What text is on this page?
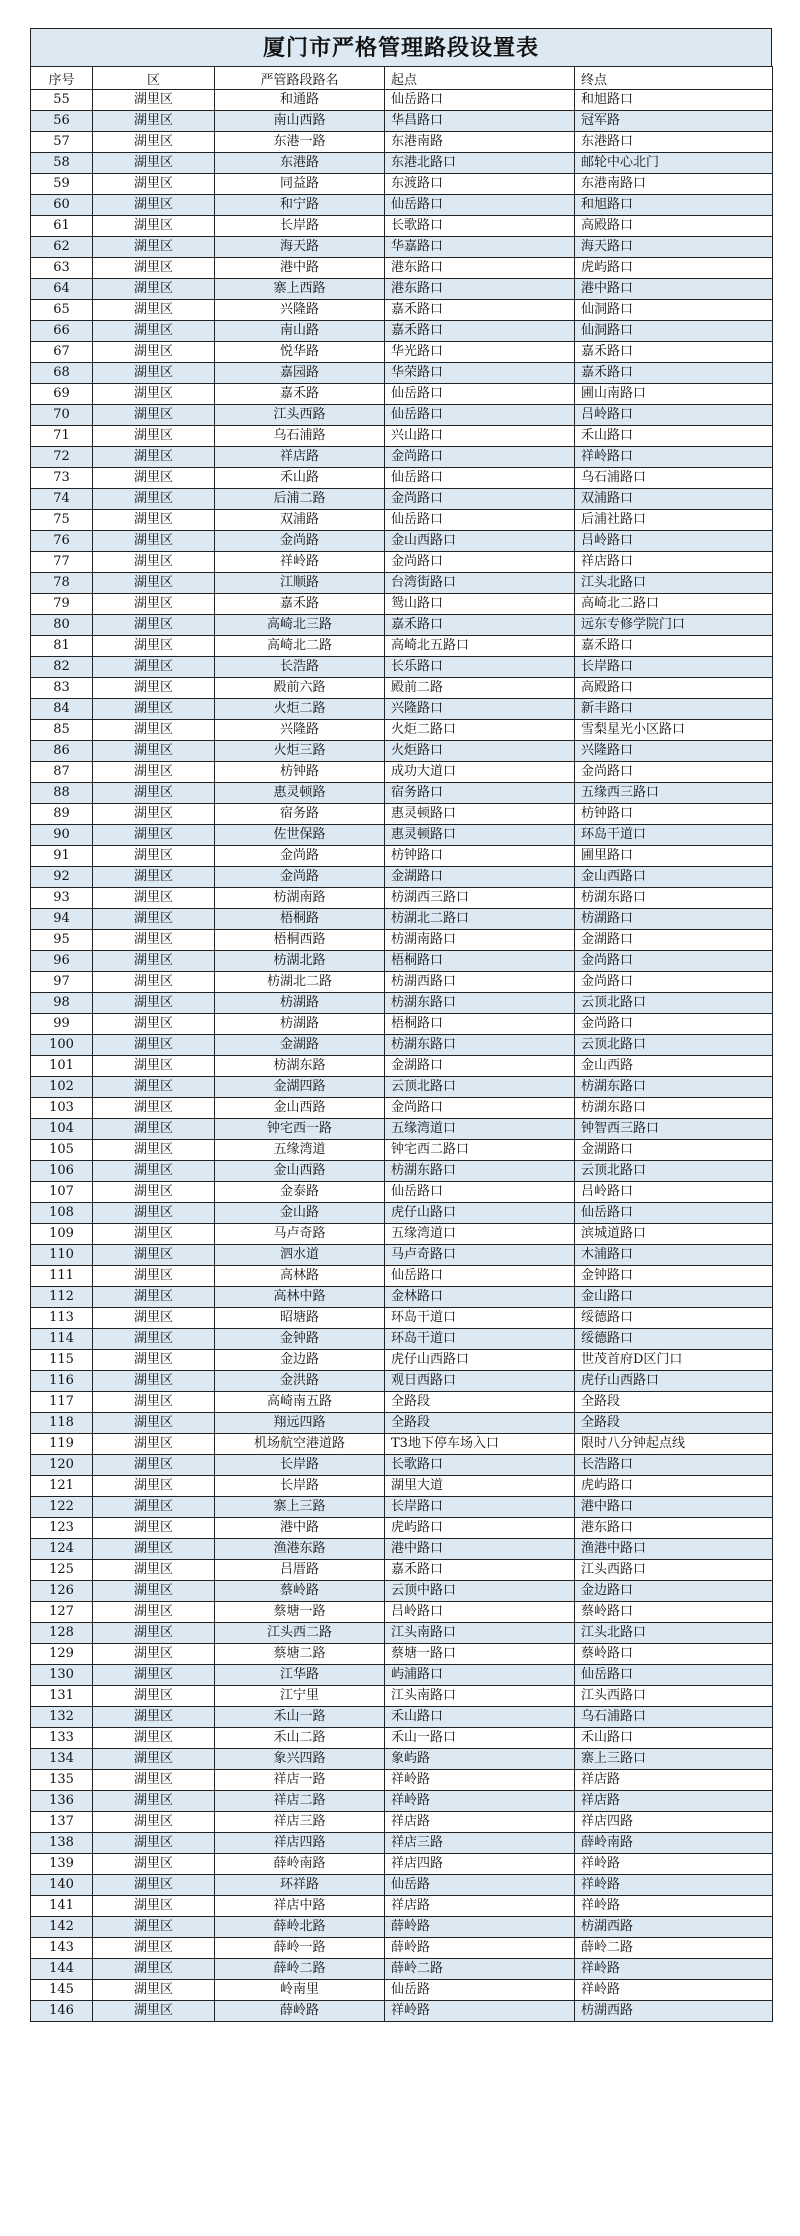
厦门市严格管理路段设置表
序号	区	严管路段路名	起点	终点
55	湖里区	和通路	仙岳路口	和旭路口
56	湖里区	南山西路	华昌路口	冠军路
57	湖里区	东港一路	东港南路	东港路口
58	湖里区	东港路	东港北路口	邮轮中心北门
59	湖里区	同益路	东渡路口	东港南路口
60	湖里区	和宁路	仙岳路口	和旭路口
61	湖里区	长岸路	长歌路口	高殿路口
62	湖里区	海天路	华嘉路口	海天路口
63	湖里区	港中路	港东路口	虎屿路口
64	湖里区	寨上西路	港东路口	港中路口
65	湖里区	兴隆路	嘉禾路口	仙洞路口
66	湖里区	南山路	嘉禾路口	仙洞路口
67	湖里区	悦华路	华光路口	嘉禾路口
68	湖里区	嘉园路	华荣路口	嘉禾路口
69	湖里区	嘉禾路	仙岳路口	圃山南路口
70	湖里区	江头西路	仙岳路口	吕岭路口
71	湖里区	乌石浦路	兴山路口	禾山路口
72	湖里区	祥店路	金尚路口	祥岭路口
73	湖里区	禾山路	仙岳路口	乌石浦路口
74	湖里区	后浦二路	金尚路口	双浦路口
75	湖里区	双浦路	仙岳路口	后浦社路口
76	湖里区	金尚路	金山西路口	吕岭路口
77	湖里区	祥岭路	金尚路口	祥店路口
78	湖里区	江顺路	台湾街路口	江头北路口
79	湖里区	嘉禾路	鸳山路口	高崎北二路口
80	湖里区	高崎北三路	嘉禾路口	远东专修学院门口
81	湖里区	高崎北二路	高崎北五路口	嘉禾路口
82	湖里区	长浩路	长乐路口	长岸路口
83	湖里区	殿前六路	殿前二路	高殿路口
84	湖里区	火炬二路	兴隆路口	新丰路口
85	湖里区	兴隆路	火炬二路口	雪梨星光小区路口
86	湖里区	火炬三路	火炬路口	兴隆路口
87	湖里区	枋钟路	成功大道口	金尚路口
88	湖里区	惠灵顿路	宿务路口	五缘西三路口
89	湖里区	宿务路	惠灵顿路口	枋钟路口
90	湖里区	佐世保路	惠灵顿路口	环岛干道口
91	湖里区	金尚路	枋钟路口	圃里路口
92	湖里区	金尚路	金湖路口	金山西路口
93	湖里区	枋湖南路	枋湖西三路口	枋湖东路口
94	湖里区	梧桐路	枋湖北二路口	枋湖路口
95	湖里区	梧桐西路	枋湖南路口	金湖路口
96	湖里区	枋湖北路	梧桐路口	金尚路口
97	湖里区	枋湖北二路	枋湖西路口	金尚路口
98	湖里区	枋湖路	枋湖东路口	云顶北路口
99	湖里区	枋湖路	梧桐路口	金尚路口
100	湖里区	金湖路	枋湖东路口	云顶北路口
101	湖里区	枋湖东路	金湖路口	金山西路
102	湖里区	金湖四路	云顶北路口	枋湖东路口
103	湖里区	金山西路	金尚路口	枋湖东路口
104	湖里区	钟宅西一路	五缘湾道口	钟智西三路口
105	湖里区	五缘湾道	钟宅西二路口	金湖路口
106	湖里区	金山西路	枋湖东路口	云顶北路口
107	湖里区	金泰路	仙岳路口	吕岭路口
108	湖里区	金山路	虎仔山路口	仙岳路口
109	湖里区	马卢奇路	五缘湾道口	滨城道路口
110	湖里区	泗水道	马卢奇路口	木浦路口
111	湖里区	高林路	仙岳路口	金钟路口
112	湖里区	高林中路	金林路口	金山路口
113	湖里区	昭塘路	环岛干道口	绥德路口
114	湖里区	金钟路	环岛干道口	绥德路口
115	湖里区	金边路	虎仔山西路口	世茂首府D区门口
116	湖里区	金洪路	观日西路口	虎仔山西路口
117	湖里区	高崎南五路	全路段	全路段
118	湖里区	翔远四路	全路段	全路段
119	湖里区	机场航空港道路	T3地下停车场入口	限时八分钟起点线
120	湖里区	长岸路	长歌路口	长浩路口
121	湖里区	长岸路	湖里大道	虎屿路口
122	湖里区	寨上三路	长岸路口	港中路口
123	湖里区	港中路	虎屿路口	港东路口
124	湖里区	渔港东路	港中路口	渔港中路口
125	湖里区	吕厝路	嘉禾路口	江头西路口
126	湖里区	蔡岭路	云顶中路口	金边路口
127	湖里区	蔡塘一路	吕岭路口	蔡岭路口
128	湖里区	江头西二路	江头南路口	江头北路口
129	湖里区	蔡塘二路	蔡塘一路口	蔡岭路口
130	湖里区	江华路	屿浦路口	仙岳路口
131	湖里区	江宁里	江头南路口	江头西路口
132	湖里区	禾山一路	禾山路口	乌石浦路口
133	湖里区	禾山二路	禾山一路口	禾山路口
134	湖里区	象兴四路	象屿路	寨上三路口
135	湖里区	祥店一路	祥岭路	祥店路
136	湖里区	祥店二路	祥岭路	祥店路
137	湖里区	祥店三路	祥店路	祥店四路
138	湖里区	祥店四路	祥店三路	薛岭南路
139	湖里区	薛岭南路	祥店四路	祥岭路
140	湖里区	环祥路	仙岳路	祥岭路
141	湖里区	祥店中路	祥店路	祥岭路
142	湖里区	薛岭北路	薛岭路	枋湖西路
143	湖里区	薛岭一路	薛岭路	薛岭二路
144	湖里区	薛岭二路	薛岭二路	祥岭路
145	湖里区	岭南里	仙岳路	祥岭路
146	湖里区	薛岭路	祥岭路	枋湖西路
